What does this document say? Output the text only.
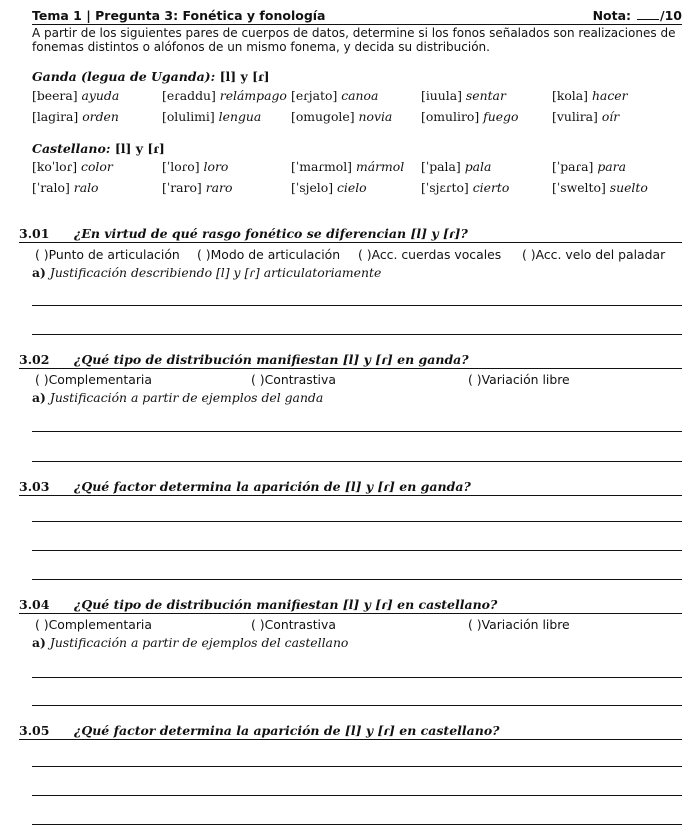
Tema 1 | Pregunta 3: Fonética y fonología	Nota: /10
A partir de los siguientes pares de cuerpos de datos, determine si los fonos señalados son realizaciones de fonemas distintos o alófonos de un mismo fonema, y decida su distribución.
Ganda (legua de Uganda): [l] y [ɾ]
[beera] ayuda	[eɾaddu] relámpago [eɾjato] canoa	[iuula] sentar	[kola] hacer
[lagira] orden	[olulimi] lengua [omugole] novia [omuliro] fuego	[vulira] oír
Castellano: [l] y [ɾ]
[koˈloɾ] color	[ˈloɾo] loro	[ˈmaɾmol] mármol [ˈpala] pala	[ˈpaɾa] para
[ˈralo] ralo	[ˈraro] raro	[ˈsjelo] cielo	[ˈsjɛɾto] cierto	[ˈswelto] suelto
3.01 ¿En virtud de qué rasgo fonético se diferencian [l] y [ɾ]?
( )Punto de articulación ( )Modo de articulación ( )Acc. cuerdas vocales ( )Acc. velo del paladar
a) Justificación describiendo [l] y [ɾ] articulatoriamente
3.02 ¿Qué tipo de distribución manifiestan [l] y [ɾ] en ganda?
( )Complementaria	( )Contrastiva	( )Variación libre
a) Justificación a partir de ejemplos del ganda
3.03 ¿Qué factor determina la aparición de [l] y [ɾ] en ganda?
3.04 ¿Qué tipo de distribución manifiestan [l] y [ɾ] en castellano?
( )Complementaria	( )Contrastiva	( )Variación libre
a) Justificación a partir de ejemplos del castellano
3.05 ¿Qué factor determina la aparición de [l] y [ɾ] en castellano?
